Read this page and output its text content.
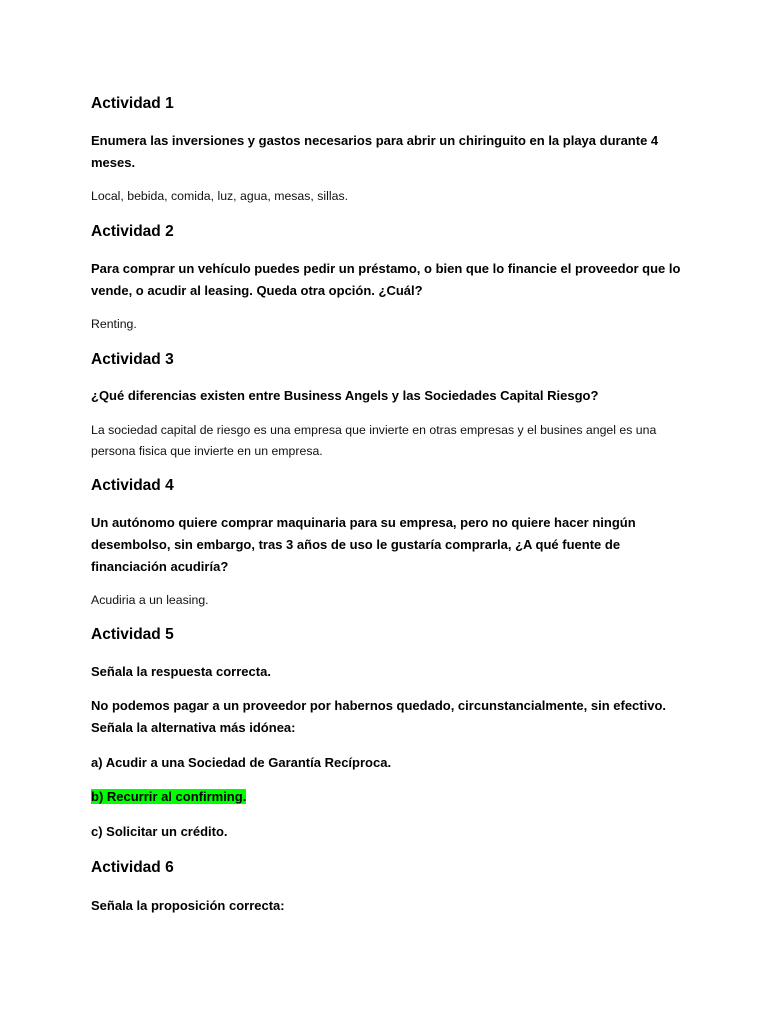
Actividad 1

Enumera las inversiones y gastos necesarios para abrir un chiringuito en la playa durante 4 meses.

Local, bebida, comida, luz, agua, mesas, sillas.

Actividad 2

Para comprar un vehículo puedes pedir un préstamo, o bien que lo financie el proveedor que lo vende, o acudir al leasing. Queda otra opción. ¿Cuál?

Renting.

Actividad 3

¿Qué diferencias existen entre Business Angels y las Sociedades Capital Riesgo?

La sociedad capital de riesgo es una empresa que invierte en otras empresas y el busines angel es una persona fisica que invierte en un empresa.

Actividad 4

Un autónomo quiere comprar maquinaria para su empresa, pero no quiere hacer ningún desembolso, sin embargo, tras 3 años de uso le gustaría comprarla, ¿A qué fuente de financiación acudiría?

Acudiria a un leasing.

Actividad 5

Señala la respuesta correcta.

No podemos pagar a un proveedor por habernos quedado, circunstancialmente, sin efectivo. Señala la alternativa más idónea:

a) Acudir a una Sociedad de Garantía Recíproca.

b) Recurrir al confirming.

c) Solicitar un crédito.

Actividad 6

Señala la proposición correcta:
